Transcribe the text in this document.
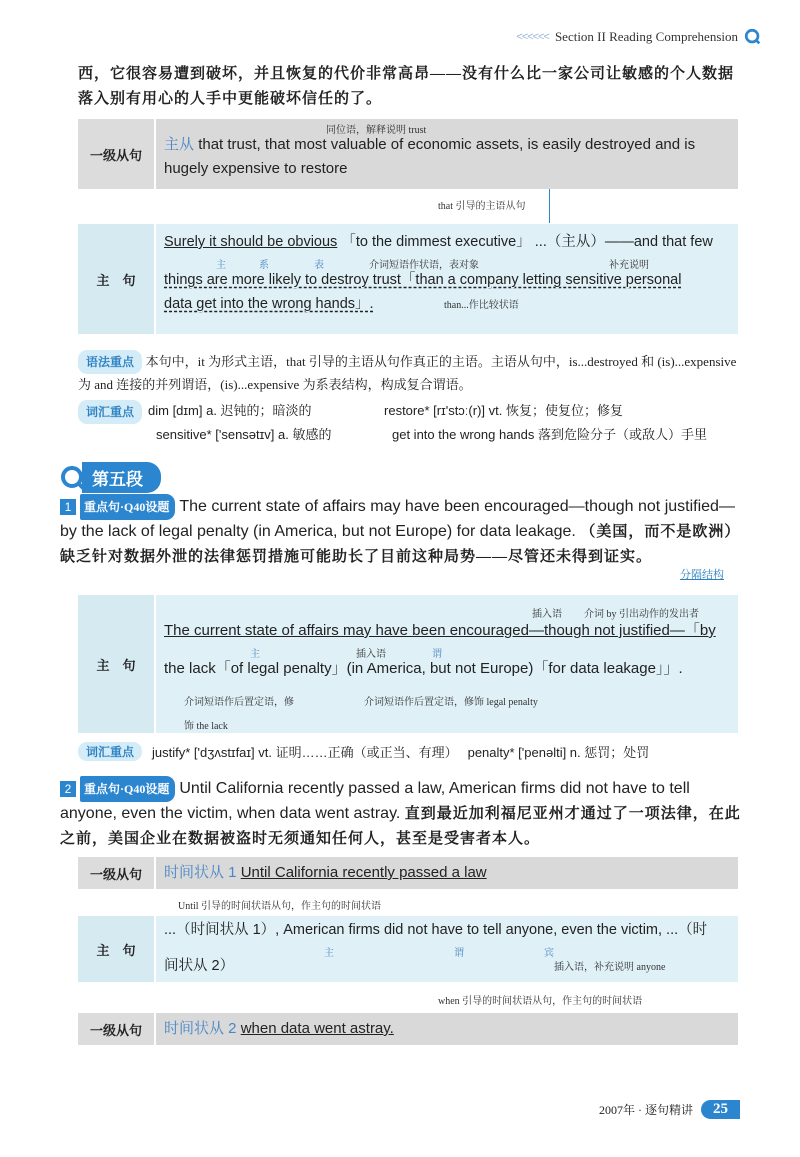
<<<<<< Section II Reading Comprehension
西，它很容易遭到破坏，并且恢复的代价非常高昂——没有什么比一家公司让敏感的个人数据落入别有用心的人手中更能破坏信任的了。
一级从句
同位语，解释说明 trust
主从 that trust, that most valuable of economic assets, is easily destroyed and is
hugely expensive to restore
that 引导的主语从句
主　句
Surely it should be obvious 「to the dimmest executive」 ...（主从）——and that few
主	系	表	介词短语作状语，表对象	补充说明
things are more likely to destroy trust「than a company letting sensitive personal
data get into the wrong hands」.	than...作比较状语
语法重点 本句中，it 为形式主语，that 引导的主语从句作真正的主语。主语从句中，is...destroyed 和 (is)...expensive 为 and 连接的并列谓语，(is)...expensive 为系表结构，构成复合谓语。
词汇重点	dim [dɪm] a. 迟钝的；暗淡的	restore* [rɪ'stɔː(r)] vt. 恢复；使复位；修复
sensitive* ['sensətɪv] a. 敏感的	get into the wrong hands 落到危险分子（或敌人）手里
第五段
1 重点句·Q40设题 The current state of affairs may have been encouraged—though not justified—by the lack of legal penalty (in America, but not Europe) for data leakage. （美国，而不是欧洲）缺乏针对数据外泄的法律惩罚措施可能助长了目前这种局势——尽管还未得到证实。
分隔结构
主　句
插入语 介词 by 引出动作的发出者
The current state of affairs may have been encouraged—though not justified—「by
主	插入语	谓
the lack「of legal penalty」(in America, but not Europe)「for data leakage」」.
介词短语作后置定语，修饰 the lack
介词短语作后置定语，修饰 legal penalty
词汇重点	justify* ['dʒʌstɪfaɪ] vt. 证明……正确（或正当、有理） penalty* ['penəlti] n. 惩罚；处罚
2 重点句·Q40设题 Until California recently passed a law, American firms did not have to tell anyone, even the victim, when data went astray. 直到最近加利福尼亚州才通过了一项法律，在此之前，美国企业在数据被盗时无须通知任何人，甚至是受害者本人。
一级从句	时间状从 1 Until California recently passed a law
Until 引导的时间状语从句，作主句的时间状语
主　句
...（时间状从 1）, American firms did not have to tell anyone, even the victim, ...（时
主	谓	宾
间状从 2）	插入语，补充说明 anyone
when 引导的时间状语从句，作主句的时间状语
一级从句	时间状从 2 when data went astray.
2007年 · 逐句精讲	25
